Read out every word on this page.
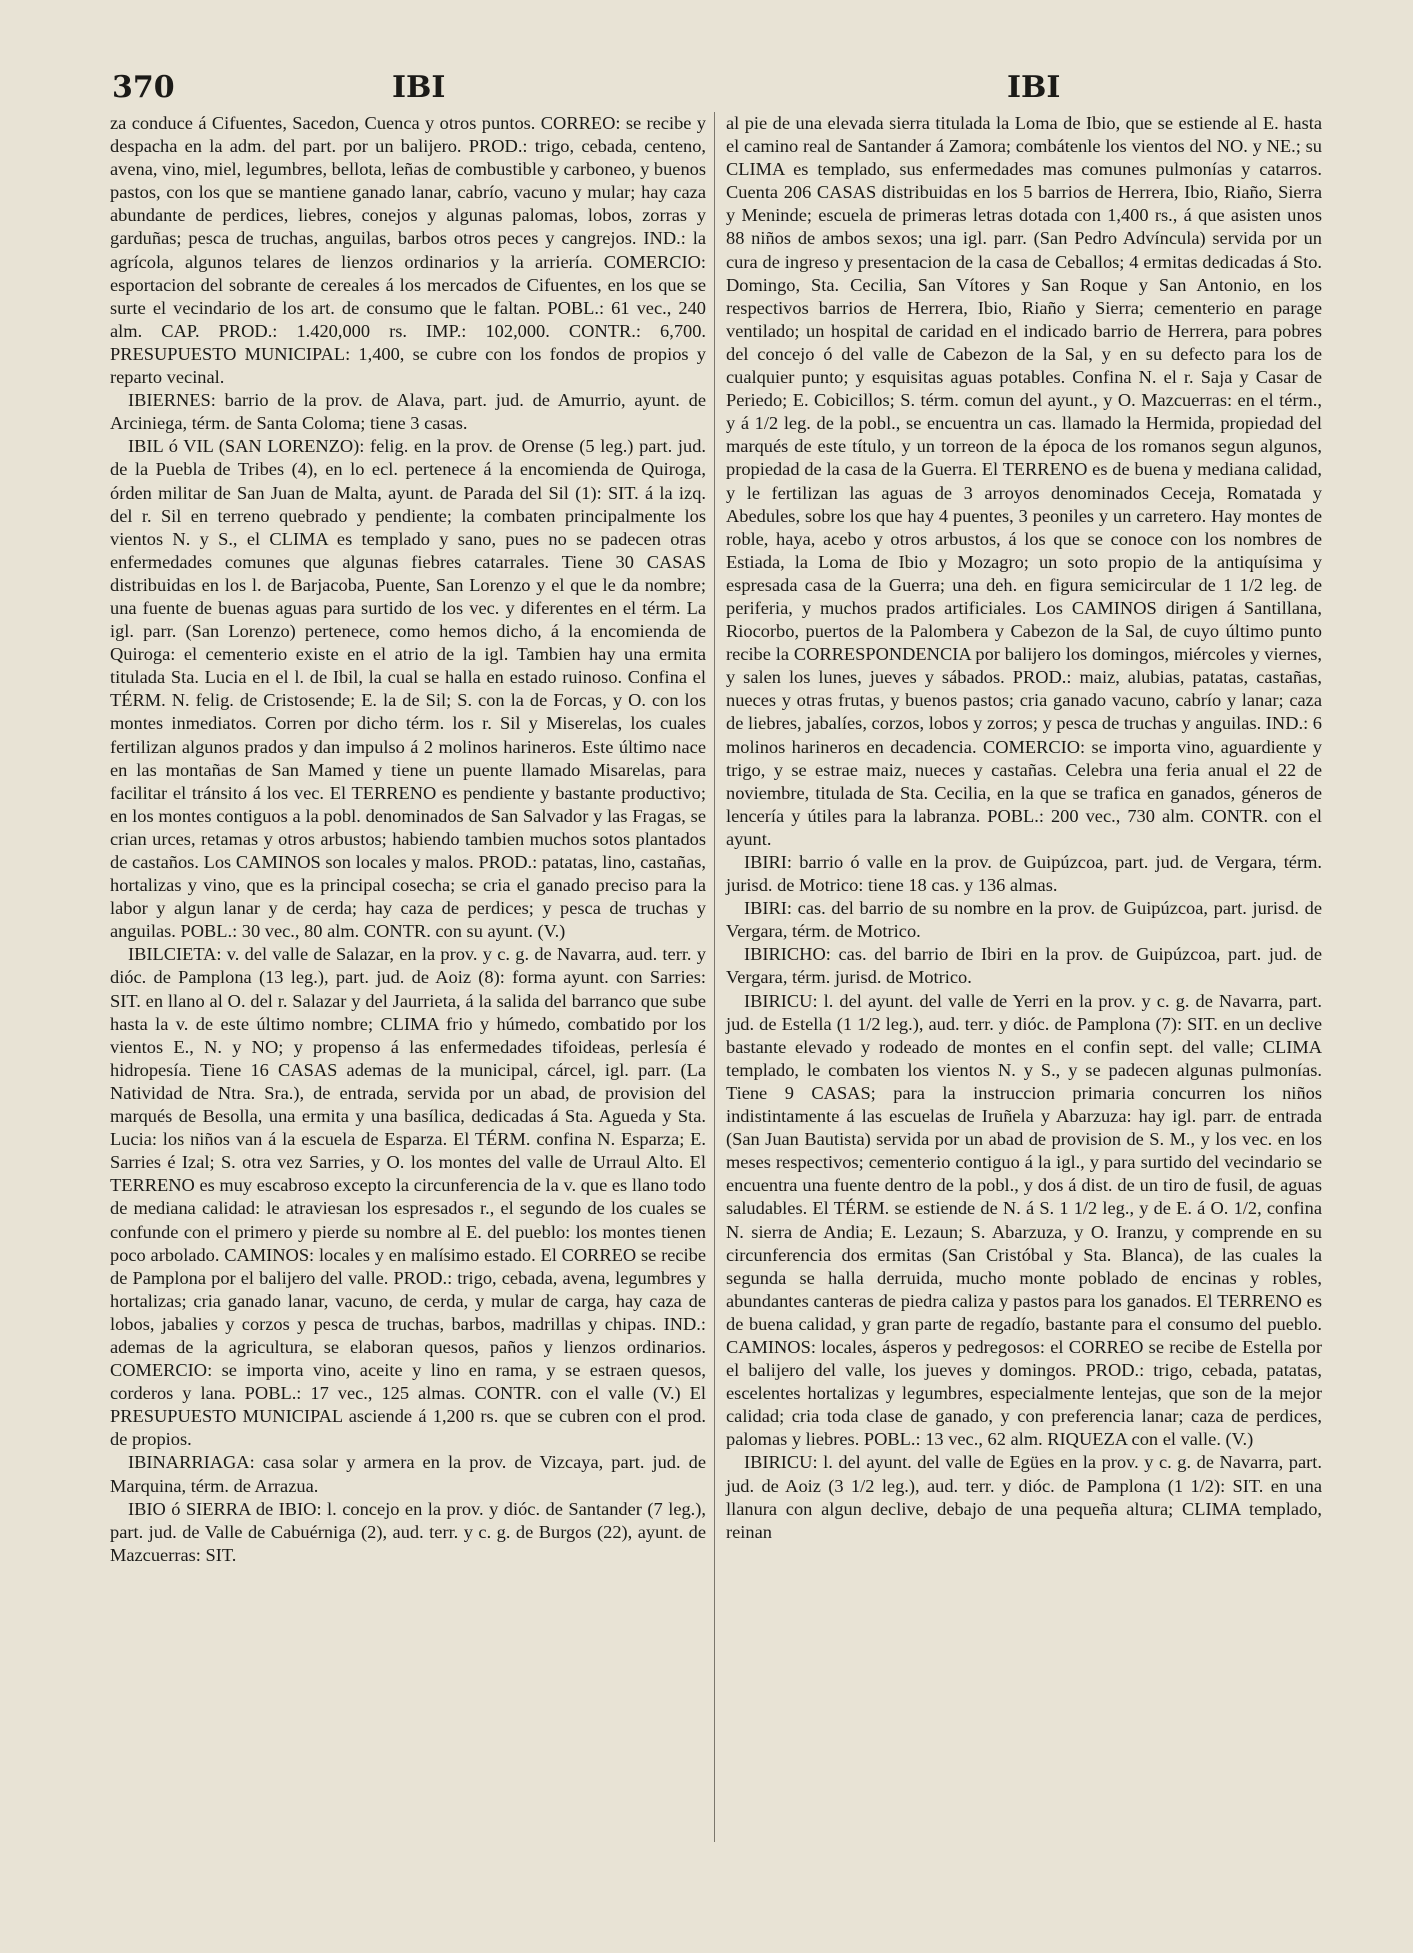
370	IBI	IBI

za conduce á Cifuentes, Sacedon, Cuenca y otros puntos. CORREO: se recibe y despacha en la adm. del part. por un balijero. PROD.: trigo, cebada, centeno, avena, vino, miel, legumbres, bellota, leñas de combustible y carboneo, y buenos pastos, con los que se mantiene ganado lanar, cabrío, vacuno y mular; hay caza abundante de perdices, liebres, conejos y algunas palomas, lobos, zorras y garduñas; pesca de truchas, anguilas, barbos otros peces y cangrejos. IND.: la agrícola, algunos telares de lienzos ordinarios y la arriería. COMERCIO: esportacion del sobrante de cereales á los mercados de Cifuentes, en los que se surte el vecindario de los art. de consumo que le faltan. POBL.: 61 vec., 240 alm. CAP. PROD.: 1.420,000 rs. IMP.: 102,000. CONTR.: 6,700. PRESUPUESTO MUNICIPAL: 1,400, se cubre con los fondos de propios y reparto vecinal.

IBIERNES: barrio de la prov. de Alava, part. jud. de Amurrio, ayunt. de Arciniega, térm. de Santa Coloma; tiene 3 casas.

IBIL ó VIL (SAN LORENZO): felig. en la prov. de Orense (5 leg.) part. jud. de la Puebla de Tribes (4), en lo ecl. pertenece á la encomienda de Quiroga, órden militar de San Juan de Malta, ayunt. de Parada del Sil (1): SIT. á la izq. del r. Sil en terreno quebrado y pendiente; la combaten principalmente los vientos N. y S., el CLIMA es templado y sano, pues no se padecen otras enfermedades comunes que algunas fiebres catarrales. Tiene 30 CASAS distribuidas en los l. de Barjacoba, Puente, San Lorenzo y el que le da nombre; una fuente de buenas aguas para surtido de los vec. y diferentes en el térm. La igl. parr. (San Lorenzo) pertenece, como hemos dicho, á la encomienda de Quiroga: el cementerio existe en el atrio de la igl. Tambien hay una ermita titulada Sta. Lucia en el l. de Ibil, la cual se halla en estado ruinoso. Confina el TÉRM. N. felig. de Cristosende; E. la de Sil; S. con la de Forcas, y O. con los montes inmediatos. Corren por dicho térm. los r. Sil y Miserelas, los cuales fertilizan algunos prados y dan impulso á 2 molinos harineros. Este último nace en las montañas de San Mamed y tiene un puente llamado Misarelas, para facilitar el tránsito á los vec. El TERRENO es pendiente y bastante productivo; en los montes contiguos a la pobl. denominados de San Salvador y las Fragas, se crian urces, retamas y otros arbustos; habiendo tambien muchos sotos plantados de castaños. Los CAMINOS son locales y malos. PROD.: patatas, lino, castañas, hortalizas y vino, que es la principal cosecha; se cria el ganado preciso para la labor y algun lanar y de cerda; hay caza de perdices; y pesca de truchas y anguilas. POBL.: 30 vec., 80 alm. CONTR. con su ayunt. (V.)

IBILCIETA: v. del valle de Salazar, en la prov. y c. g. de Navarra, aud. terr. y dióc. de Pamplona (13 leg.), part. jud. de Aoiz (8): forma ayunt. con Sarries: SIT. en llano al O. del r. Salazar y del Jaurrieta, á la salida del barranco que sube hasta la v. de este último nombre; CLIMA frio y húmedo, combatido por los vientos E., N. y NO; y propenso á las enfermedades tifoideas, perlesía é hidropesía. Tiene 16 CASAS ademas de la municipal, cárcel, igl. parr. (La Natividad de Ntra. Sra.), de entrada, servida por un abad, de provision del marqués de Besolla, una ermita y una basílica, dedicadas á Sta. Agueda y Sta. Lucia: los niños van á la escuela de Esparza. El TÉRM. confina N. Esparza; E. Sarries é Izal; S. otra vez Sarries, y O. los montes del valle de Urraul Alto. El TERRENO es muy escabroso excepto la circunferencia de la v. que es llano todo de mediana calidad: le atraviesan los espresados r., el segundo de los cuales se confunde con el primero y pierde su nombre al E. del pueblo: los montes tienen poco arbolado. CAMINOS: locales y en malísimo estado. El CORREO se recibe de Pamplona por el balijero del valle. PROD.: trigo, cebada, avena, legumbres y hortalizas; cria ganado lanar, vacuno, de cerda, y mular de carga, hay caza de lobos, jabalies y corzos y pesca de truchas, barbos, madrillas y chipas. IND.: ademas de la agricultura, se elaboran quesos, paños y lienzos ordinarios. COMERCIO: se importa vino, aceite y lino en rama, y se estraen quesos, corderos y lana. POBL.: 17 vec., 125 almas. CONTR. con el valle (V.) El PRESUPUESTO MUNICIPAL asciende á 1,200 rs. que se cubren con el prod. de propios.

IBINARRIAGA: casa solar y armera en la prov. de Vizcaya, part. jud. de Marquina, térm. de Arrazua.

IBIO ó SIERRA de IBIO: l. concejo en la prov. y dióc. de Santander (7 leg.), part. jud. de Valle de Cabuérniga (2), aud. terr. y c. g. de Burgos (22), ayunt. de Mazcuerras: SIT.

al pie de una elevada sierra titulada la Loma de Ibio, que se estiende al E. hasta el camino real de Santander á Zamora; combátenle los vientos del NO. y NE.; su CLIMA es templado, sus enfermedades mas comunes pulmonías y catarros. Cuenta 206 CASAS distribuidas en los 5 barrios de Herrera, Ibio, Riaño, Sierra y Meninde; escuela de primeras letras dotada con 1,400 rs., á que asisten unos 88 niños de ambos sexos; una igl. parr. (San Pedro Advíncula) servida por un cura de ingreso y presentacion de la casa de Ceballos; 4 ermitas dedicadas á Sto. Domingo, Sta. Cecilia, San Vítores y San Roque y San Antonio, en los respectivos barrios de Herrera, Ibio, Riaño y Sierra; cementerio en parage ventilado; un hospital de caridad en el indicado barrio de Herrera, para pobres del concejo ó del valle de Cabezon de la Sal, y en su defecto para los de cualquier punto; y esquisitas aguas potables. Confina N. el r. Saja y Casar de Periedo; E. Cobicillos; S. térm. comun del ayunt., y O. Mazcuerras: en el térm., y á 1/2 leg. de la pobl., se encuentra un cas. llamado la Hermida, propiedad del marqués de este título, y un torreon de la época de los romanos segun algunos, propiedad de la casa de la Guerra. El TERRENO es de buena y mediana calidad, y le fertilizan las aguas de 3 arroyos denominados Ceceja, Romatada y Abedules, sobre los que hay 4 puentes, 3 peoniles y un carretero. Hay montes de roble, haya, acebo y otros arbustos, á los que se conoce con los nombres de Estiada, la Loma de Ibio y Mozagro; un soto propio de la antiquísima y espresada casa de la Guerra; una deh. en figura semicircular de 1 1/2 leg. de periferia, y muchos prados artificiales. Los CAMINOS dirigen á Santillana, Riocorbo, puertos de la Palombera y Cabezon de la Sal, de cuyo último punto recibe la CORRESPONDENCIA por balijero los domingos, miércoles y viernes, y salen los lunes, jueves y sábados. PROD.: maiz, alubias, patatas, castañas, nueces y otras frutas, y buenos pastos; cria ganado vacuno, cabrío y lanar; caza de liebres, jabalíes, corzos, lobos y zorros; y pesca de truchas y anguilas. IND.: 6 molinos harineros en decadencia. COMERCIO: se importa vino, aguardiente y trigo, y se estrae maiz, nueces y castañas. Celebra una feria anual el 22 de noviembre, titulada de Sta. Cecilia, en la que se trafica en ganados, géneros de lencería y útiles para la labranza. POBL.: 200 vec., 730 alm. CONTR. con el ayunt.

IBIRI: barrio ó valle en la prov. de Guipúzcoa, part. jud. de Vergara, térm. jurisd. de Motrico: tiene 18 cas. y 136 almas.

IBIRI: cas. del barrio de su nombre en la prov. de Guipúzcoa, part. jurisd. de Vergara, térm. de Motrico.

IBIRICHO: cas. del barrio de Ibiri en la prov. de Guipúzcoa, part. jud. de Vergara, térm. jurisd. de Motrico.

IBIRICU: l. del ayunt. del valle de Yerri en la prov. y c. g. de Navarra, part. jud. de Estella (1 1/2 leg.), aud. terr. y dióc. de Pamplona (7): SIT. en un declive bastante elevado y rodeado de montes en el confin sept. del valle; CLIMA templado, le combaten los vientos N. y S., y se padecen algunas pulmonías. Tiene 9 CASAS; para la instruccion primaria concurren los niños indistintamente á las escuelas de Iruñela y Abarzuza: hay igl. parr. de entrada (San Juan Bautista) servida por un abad de provision de S. M., y los vec. en los meses respectivos; cementerio contiguo á la igl., y para surtido del vecindario se encuentra una fuente dentro de la pobl., y dos á dist. de un tiro de fusil, de aguas saludables. El TÉRM. se estiende de N. á S. 1 1/2 leg., y de E. á O. 1/2, confina N. sierra de Andia; E. Lezaun; S. Abarzuza, y O. Iranzu, y comprende en su circunferencia dos ermitas (San Cristóbal y Sta. Blanca), de las cuales la segunda se halla derruida, mucho monte poblado de encinas y robles, abundantes canteras de piedra caliza y pastos para los ganados. El TERRENO es de buena calidad, y gran parte de regadío, bastante para el consumo del pueblo. CAMINOS: locales, ásperos y pedregosos: el CORREO se recibe de Estella por el balijero del valle, los jueves y domingos. PROD.: trigo, cebada, patatas, escelentes hortalizas y legumbres, especialmente lentejas, que son de la mejor calidad; cria toda clase de ganado, y con preferencia lanar; caza de perdices, palomas y liebres. POBL.: 13 vec., 62 alm. RIQUEZA con el valle. (V.)

IBIRICU: l. del ayunt. del valle de Egües en la prov. y c. g. de Navarra, part. jud. de Aoiz (3 1/2 leg.), aud. terr. y dióc. de Pamplona (1 1/2): SIT. en una llanura con algun declive, debajo de una pequeña altura; CLIMA templado, reinan
